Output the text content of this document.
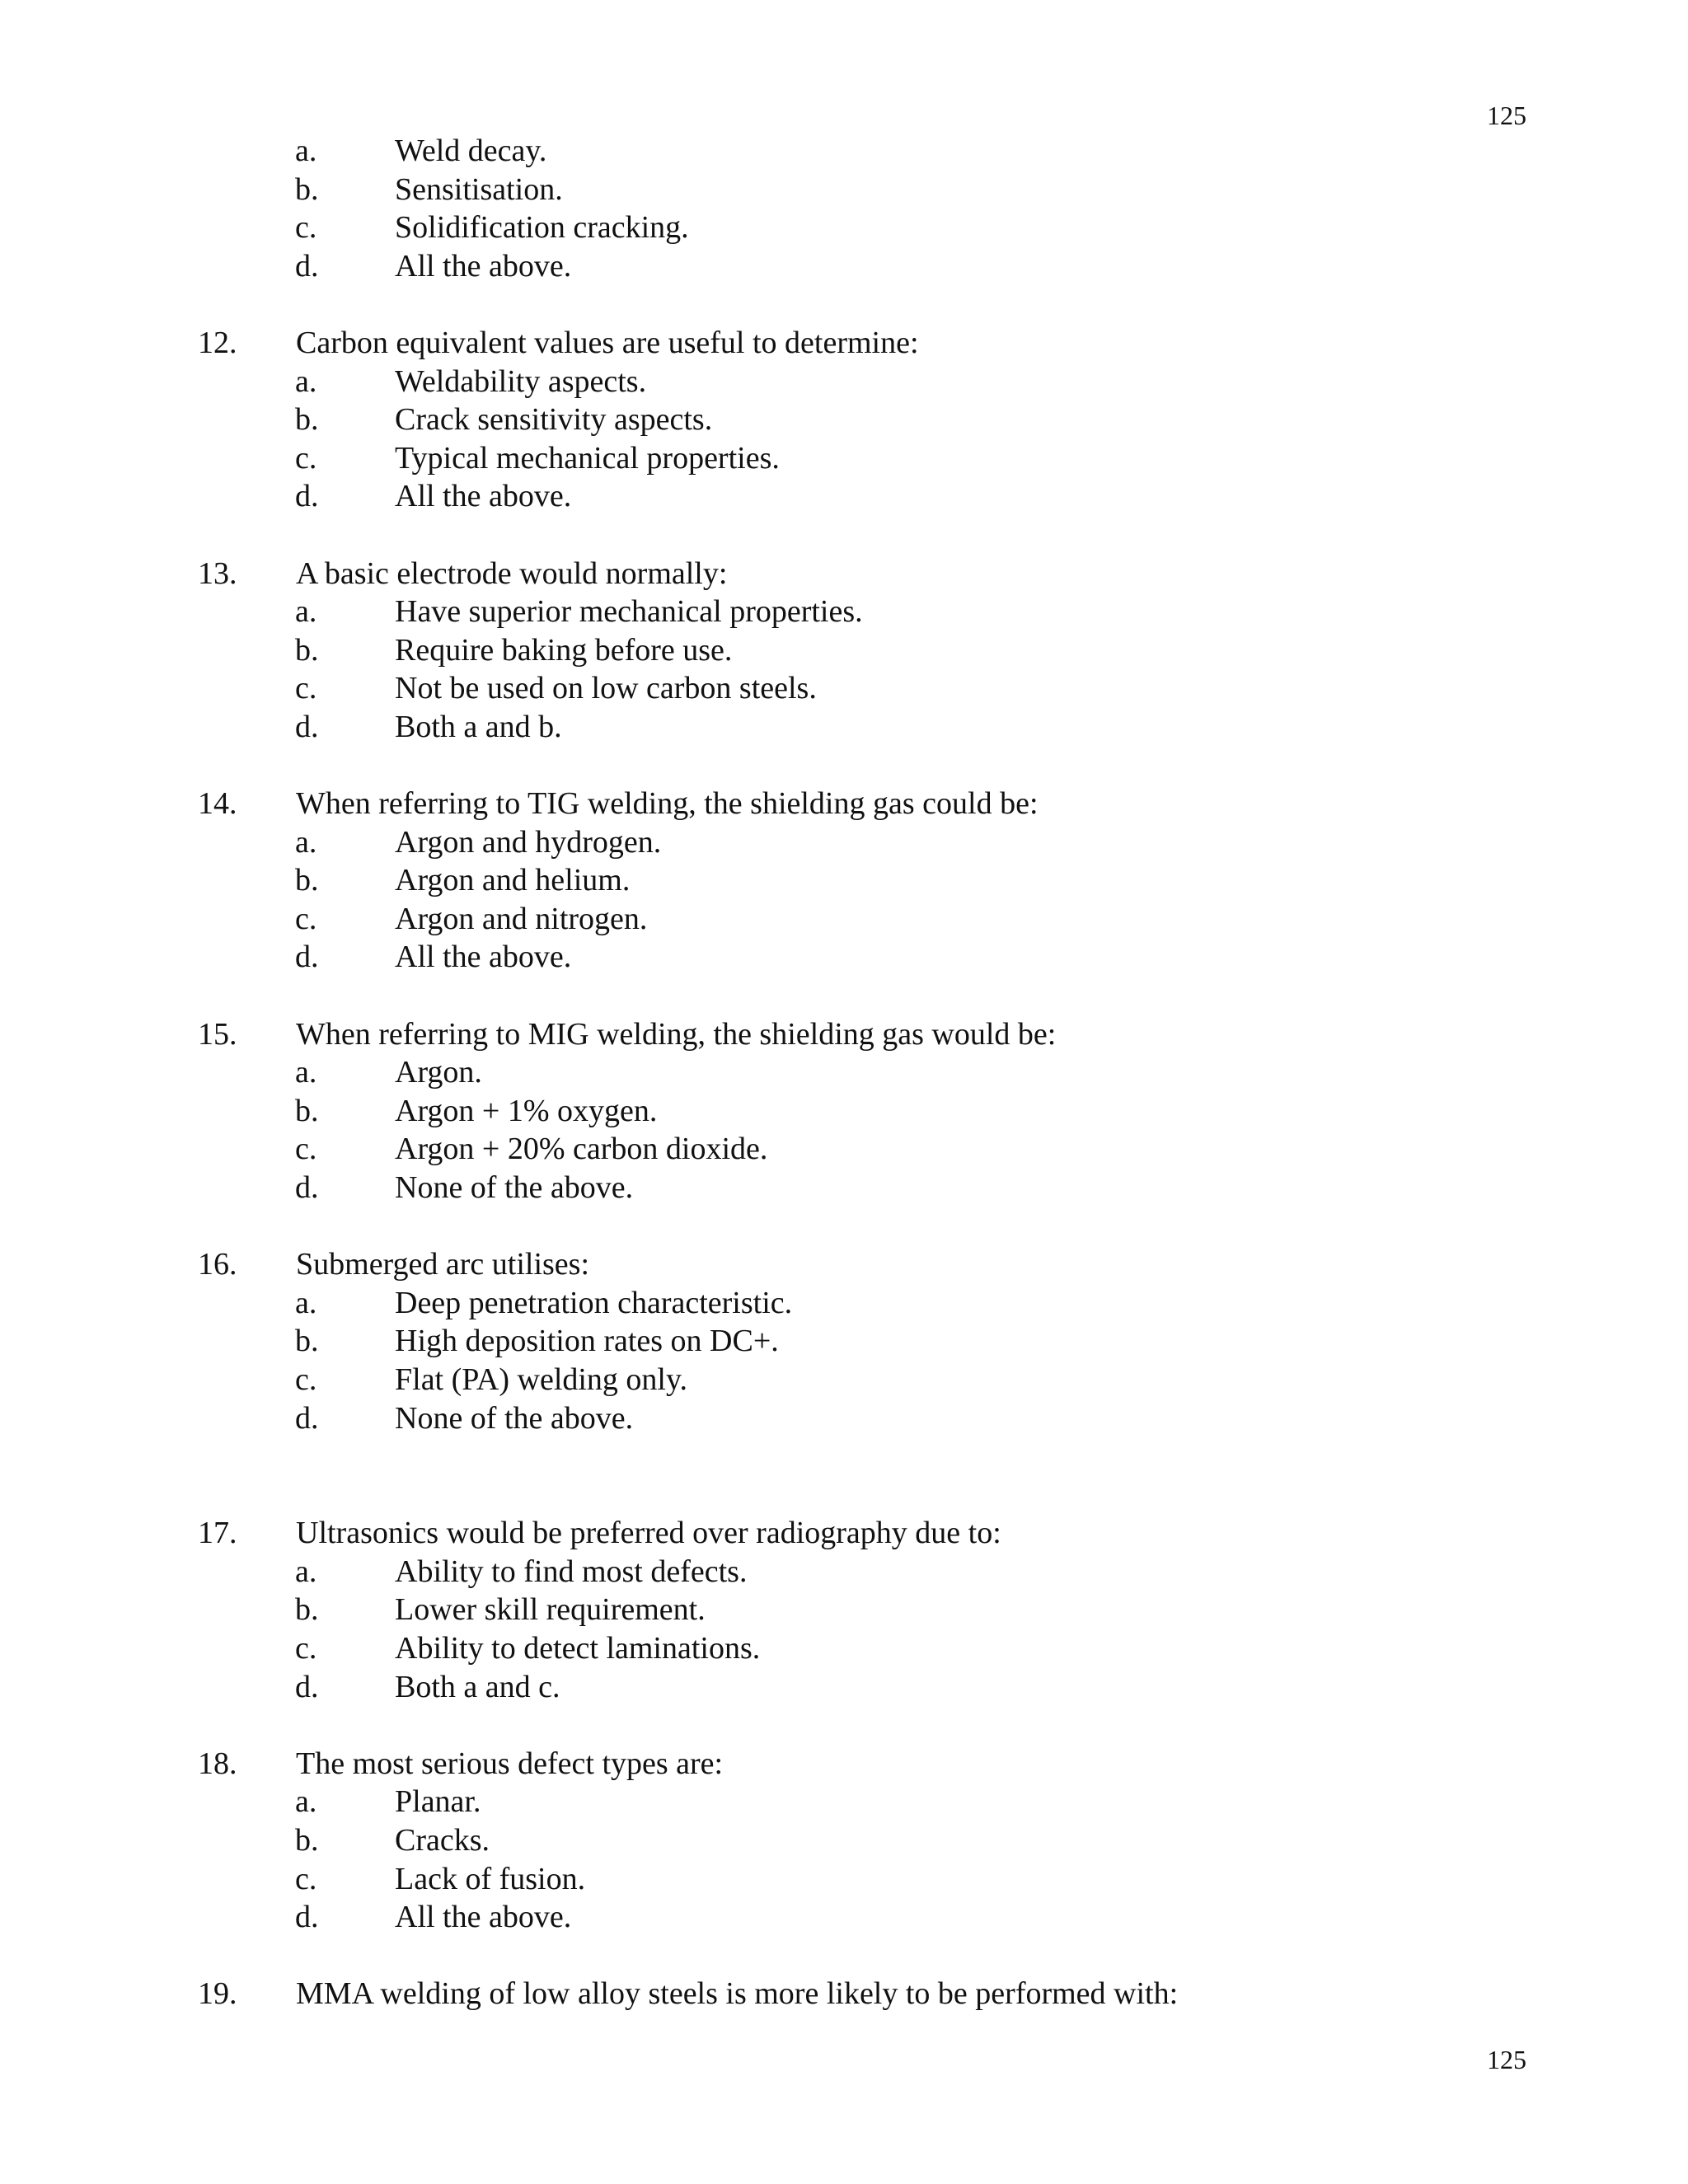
125
a. Weld decay.
b. Sensitisation.
c. Solidification cracking.
d. All the above.
12. Carbon equivalent values are useful to determine:
a. Weldability aspects.
b. Crack sensitivity aspects.
c. Typical mechanical properties.
d. All the above.
13. A basic electrode would normally:
a. Have superior mechanical properties.
b. Require baking before use.
c. Not be used on low carbon steels.
d. Both a and b.
14. When referring to TIG welding, the shielding gas could be:
a. Argon and hydrogen.
b. Argon and helium.
c. Argon and nitrogen.
d. All the above.
15. When referring to MIG welding, the shielding gas would be:
a. Argon.
b. Argon + 1% oxygen.
c. Argon + 20% carbon dioxide.
d. None of the above.
16. Submerged arc utilises:
a. Deep penetration characteristic.
b. High deposition rates on DC+.
c. Flat (PA) welding only.
d. None of the above.
17. Ultrasonics would be preferred over radiography due to:
a. Ability to find most defects.
b. Lower skill requirement.
c. Ability to detect laminations.
d. Both a and c.
18. The most serious defect types are:
a. Planar.
b. Cracks.
c. Lack of fusion.
d. All the above.
19. MMA welding of low alloy steels is more likely to be performed with:
125
